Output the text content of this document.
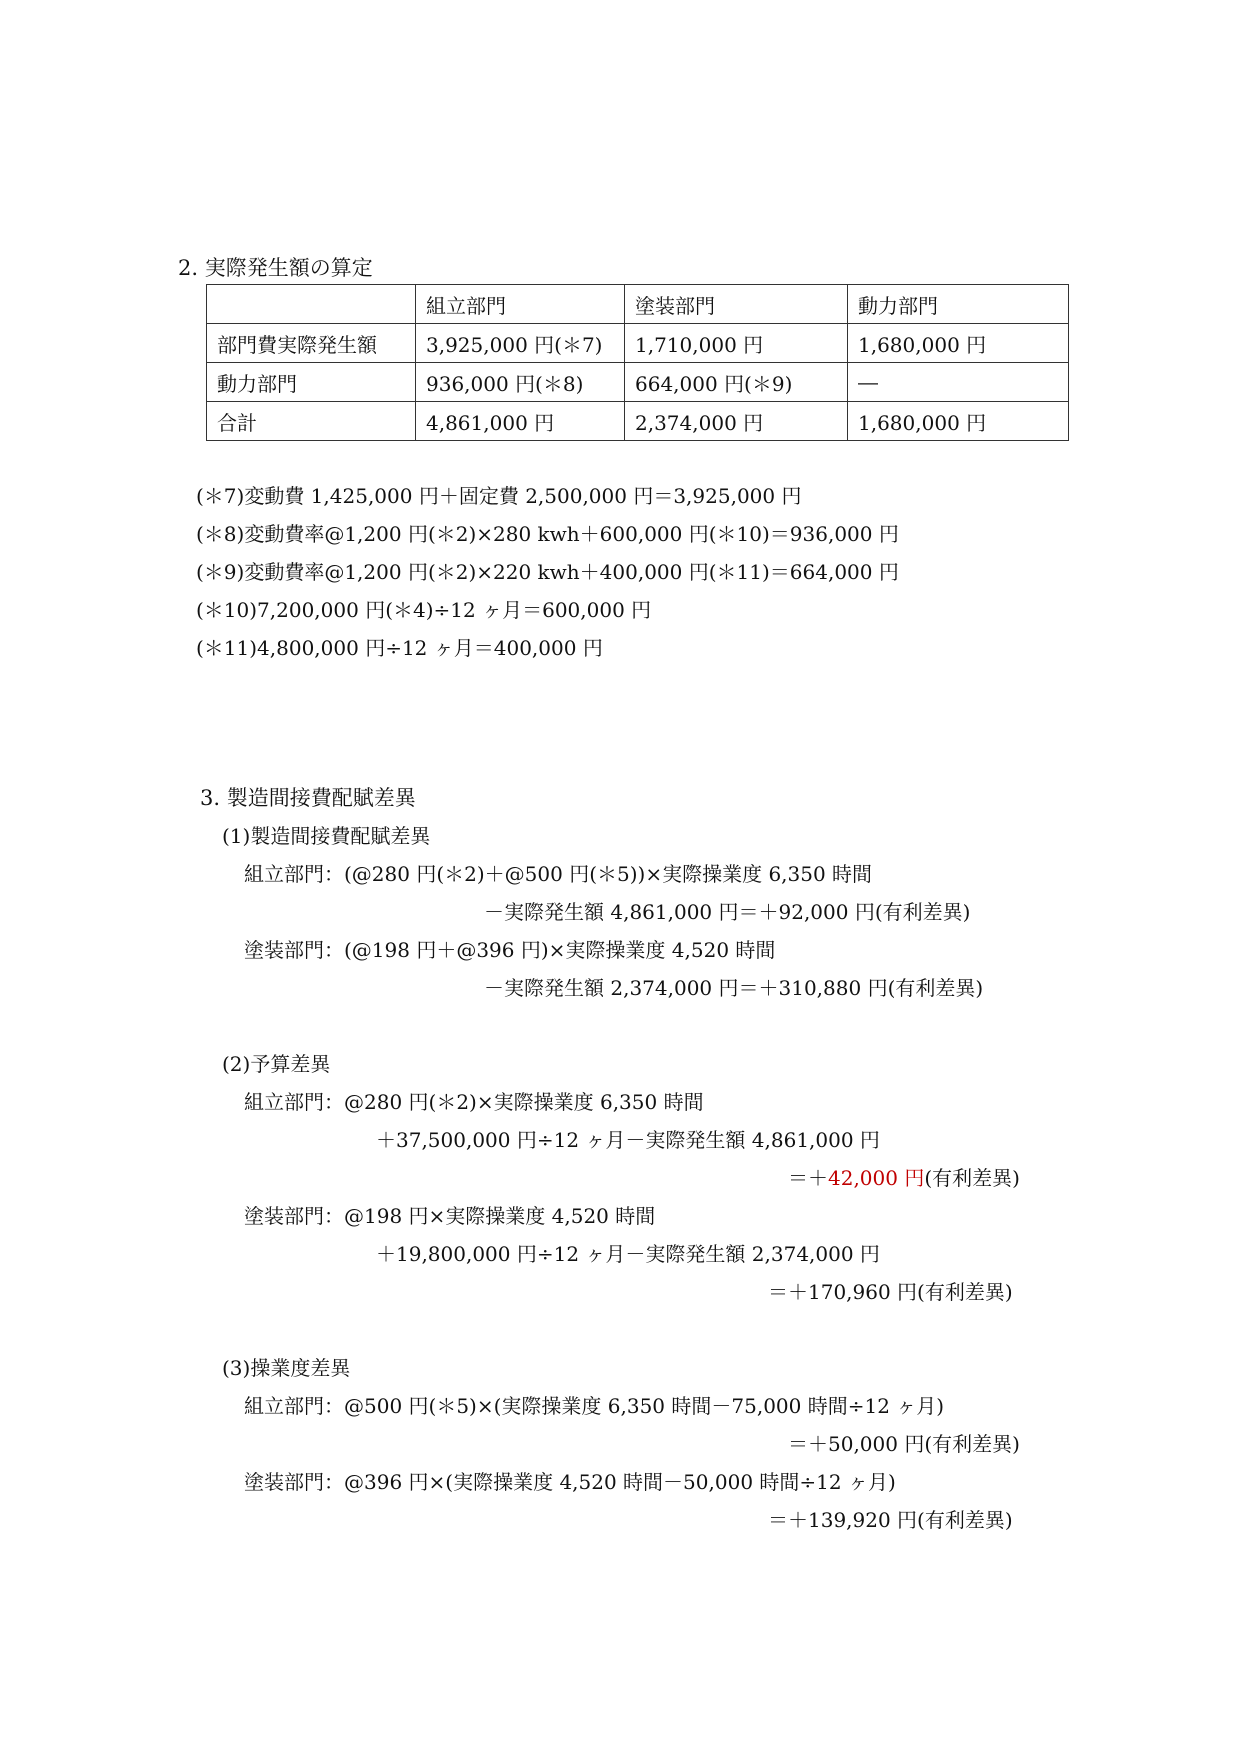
2. 実際発生額の算定
	組立部門	塗装部門	動力部門
部門費実際発生額	3,925,000 円(＊7)	1,710,000 円	1,680,000 円
動力部門	936,000 円(＊8)	664,000 円(＊9)	―
合計	4,861,000 円	2,374,000 円	1,680,000 円
(＊7)変動費 1,425,000 円＋固定費 2,500,000 円＝3,925,000 円
(＊8)変動費率@1,200 円(＊2)×280 kwh＋600,000 円(＊10)＝936,000 円
(＊9)変動費率@1,200 円(＊2)×220 kwh＋400,000 円(＊11)＝664,000 円
(＊10)7,200,000 円(＊4)÷12 ヶ月＝600,000 円
(＊11)4,800,000 円÷12 ヶ月＝400,000 円
3. 製造間接費配賦差異
(1)製造間接費配賦差異
組立部門：(@280 円(＊2)＋@500 円(＊5))×実際操業度 6,350 時間
－実際発生額 4,861,000 円＝＋92,000 円(有利差異)
塗装部門：(@198 円＋@396 円)×実際操業度 4,520 時間
－実際発生額 2,374,000 円＝＋310,880 円(有利差異)
(2)予算差異
組立部門：@280 円(＊2)×実際操業度 6,350 時間
＋37,500,000 円÷12 ヶ月－実際発生額 4,861,000 円
＝＋42,000 円(有利差異)
塗装部門：@198 円×実際操業度 4,520 時間
＋19,800,000 円÷12 ヶ月－実際発生額 2,374,000 円
＝＋170,960 円(有利差異)
(3)操業度差異
組立部門：@500 円(＊5)×(実際操業度 6,350 時間－75,000 時間÷12 ヶ月)
＝＋50,000 円(有利差異)
塗装部門：@396 円×(実際操業度 4,520 時間－50,000 時間÷12 ヶ月)
＝＋139,920 円(有利差異)
